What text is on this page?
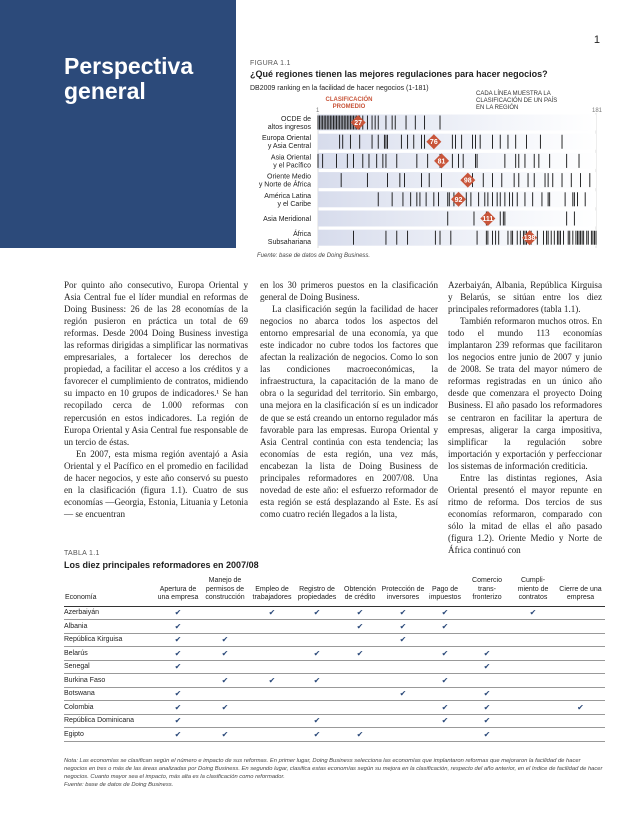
1
Perspectiva
general
FIGURA 1.1
¿Qué regiones tienen las mejores regulaciones para hacer negocios?
DB2009 ranking en la facilidad de hacer negocios (1-181)
CLASIFICACIÓN PROMEDIO
CADA LÍNEA MUESTRA LA CLASIFICACIÓN DE UN PAÍS EN LA REGIÓN
1	181
OCDE de
altos ingresos
27
Europa Oriental
y Asia Central
76
Asia Oriental
y el Pacífico
81
Oriente Medio
y Norte de África
98
América Latina
y el Caribe
92
Asia Meridional	111
África
Subsahariana
138
Fuente: base de datos de Doing Business.

Por quinto año consecutivo, Europa Oriental y Asia Central fue el líder mundial en reformas de Doing Business: 26 de las 28 economías de la región pusieron en práctica un total de 69 reformas. Desde 2004 Doing Business investiga las reformas dirigidas a simplificar las normativas empresariales, a fortalecer los derechos de propiedad, a facilitar el acceso a los créditos y a favorecer el cumplimiento de contratos, midiendo su impacto en 10 grupos de indicadores.¹ Se han recopilado cerca de 1.000 reformas con repercusión en estos indicadores. La región de Europa Oriental y Asia Central fue responsable de un tercio de éstas.

En 2007, esta misma región aventajó a Asia Oriental y el Pacífico en el promedio en facilidad de hacer negocios, y este año conservó su puesto en la clasificación (figura 1.1). Cuatro de sus economías —Georgia, Estonia, Lituania y Letonia— se encuentran

en los 30 primeros puestos en la clasificación general de Doing Business.

La clasificación según la facilidad de hacer negocios no abarca todos los aspectos del entorno empresarial de una economía, ya que este indicador no cubre todos los factores que afectan la realización de negocios. Como lo son las condiciones macroeconómicas, la infraestructura, la capacitación de la mano de obra o la seguridad del territorio. Sin embargo, una mejora en la clasificación sí es un indicador de que se está creando un entorno regulador más favorable para las empresas. Europa Oriental y Asia Central continúa con esta tendencia; las economías de esta región, una vez más, encabezan la lista de Doing Business de principales reformadores en 2007/08. Una novedad de este año: el esfuerzo reformador de esta región se está desplazando al Este. Es así como cuatro recién llegados a la lista,

Azerbaiyán, Albania, República Kirguisa y Belarús, se sitúan entre los diez principales reformadores (tabla 1.1).

También reformaron muchos otros. En todo el mundo 113 economías implantaron 239 reformas que facilitaron los negocios entre junio de 2007 y junio de 2008. Se trata del mayor número de reformas registradas en un único año desde que comenzara el proyecto Doing Business. El año pasado los reformadores se centraron en facilitar la apertura de empresas, aligerar la carga impositiva, simplificar la regulación sobre importación y exportación y perfeccionar los sistemas de información crediticia.

Entre las distintas regiones, Asia Oriental presentó el mayor repunte en ritmo de reforma. Dos tercios de sus economías reformaron, comparado con sólo la mitad de ellas el año pasado (figura 1.2). Oriente Medio y Norte de África continuó con

TABLA 1.1
Los diez principales reformadores en 2007/08
Economía	Apertura de una empresa	Manejo de permisos de construcción	Empleo de trabajadores	Registro de propiedades	Obtención de crédito	Protección de inversores	Pago de impuestos	Comercio trans-fronterizo	Cumpli-miento de contratos	Cierre de una empresa
Azerbaiyán	✔		✔	✔	✔	✔	✔		✔	
Albania	✔				✔	✔	✔			
República Kirguisa	✔	✔				✔				
Belarús	✔	✔		✔	✔		✔	✔		
Senegal	✔							✔		
Burkina Faso		✔	✔	✔			✔			
Botswana	✔					✔		✔		
Colombia	✔	✔					✔	✔		✔
República Dominicana	✔			✔			✔	✔		
Egipto	✔	✔		✔	✔			✔		
Nota: Las economías se clasifican según el número e impacto de sus reformas. En primer lugar, Doing Business selecciona las economías que implantaron reformas que mejoraron la facilidad de hacer negocios en tres o más de las áreas analizadas por Doing Business. En segundo lugar, clasifica estas economías según su mejora en la clasificación, respecto del año anterior, en el índice de facilidad de hacer negocios. Cuanto mayor sea el impacto, más alta es la clasificación como reformador.
Fuente: base de datos de Doing Business.
